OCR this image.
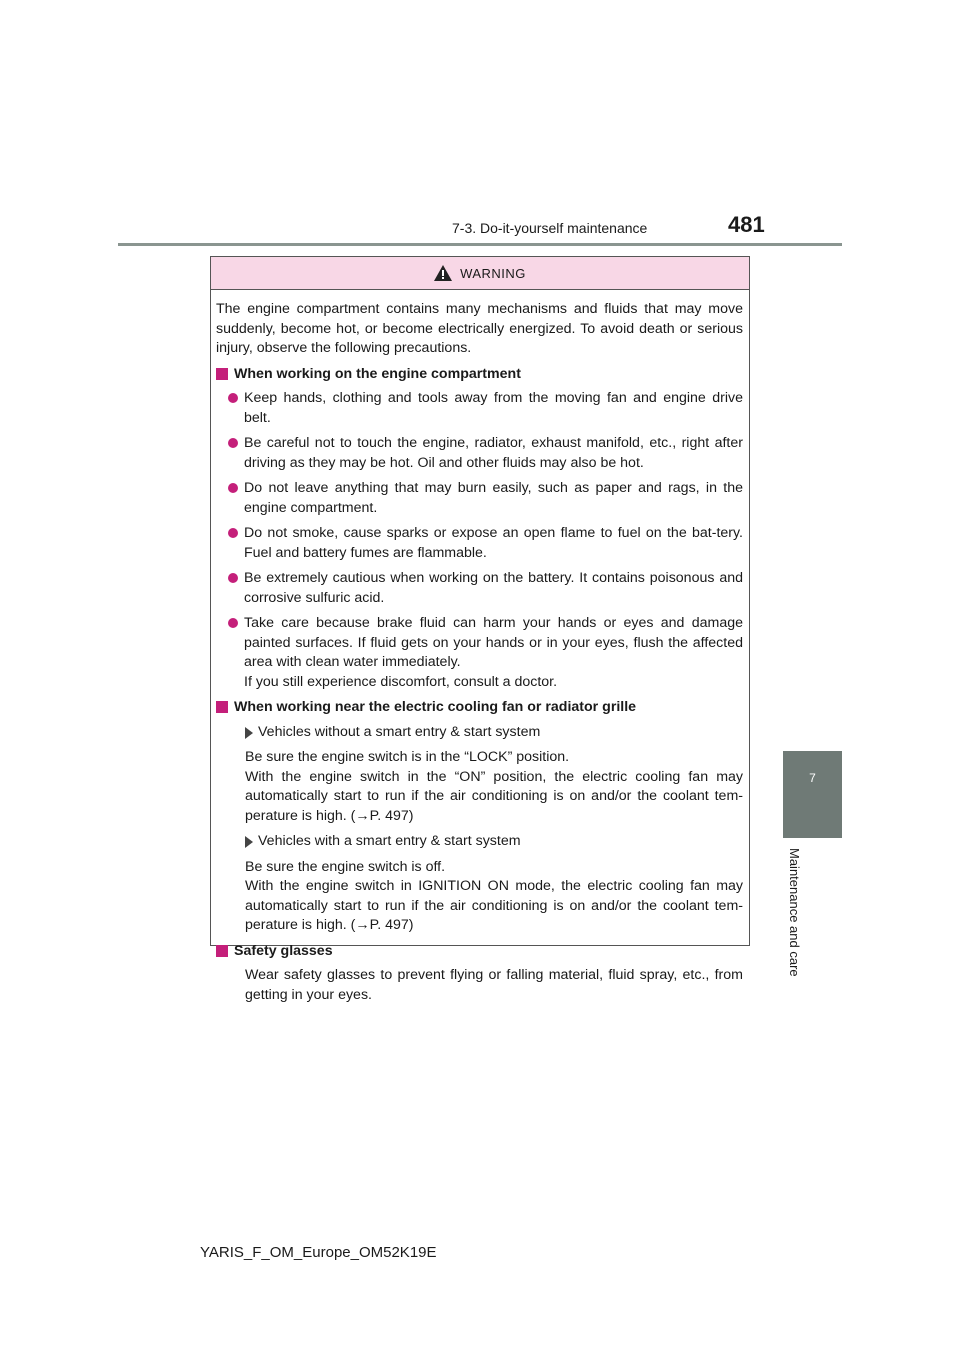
7-3. Do-it-yourself maintenance	481
7
Maintenance and care
WARNING

The engine compartment contains many mechanisms and fluids that may move suddenly, become hot, or become electrically energized. To avoid death or serious injury, observe the following precautions.

When working on the engine compartment
Keep hands, clothing and tools away from the moving fan and engine drive belt.
Be careful not to touch the engine, radiator, exhaust manifold, etc., right after driving as they may be hot. Oil and other fluids may also be hot.
Do not leave anything that may burn easily, such as paper and rags, in the engine compartment.
Do not smoke, cause sparks or expose an open flame to fuel on the bat-tery. Fuel and battery fumes are flammable.
Be extremely cautious when working on the battery. It contains poisonous and corrosive sulfuric acid.
Take care because brake fluid can harm your hands or eyes and damage painted surfaces. If fluid gets on your hands or in your eyes, flush the affected area with clean water immediately.
If you still experience discomfort, consult a doctor.
When working near the electric cooling fan or radiator grille
Vehicles without a smart entry & start system
Be sure the engine switch is in the “LOCK” position.
With the engine switch in the “ON” position, the electric cooling fan may automatically start to run if the air conditioning is on and/or the coolant tem-perature is high. (→P. 497)
Vehicles with a smart entry & start system
Be sure the engine switch is off.
With the engine switch in IGNITION ON mode, the electric cooling fan may automatically start to run if the air conditioning is on and/or the coolant tem-perature is high. (→P. 497)
Safety glasses
Wear safety glasses to prevent flying or falling material, fluid spray, etc., from getting in your eyes.
YARIS_F_OM_Europe_OM52K19E
